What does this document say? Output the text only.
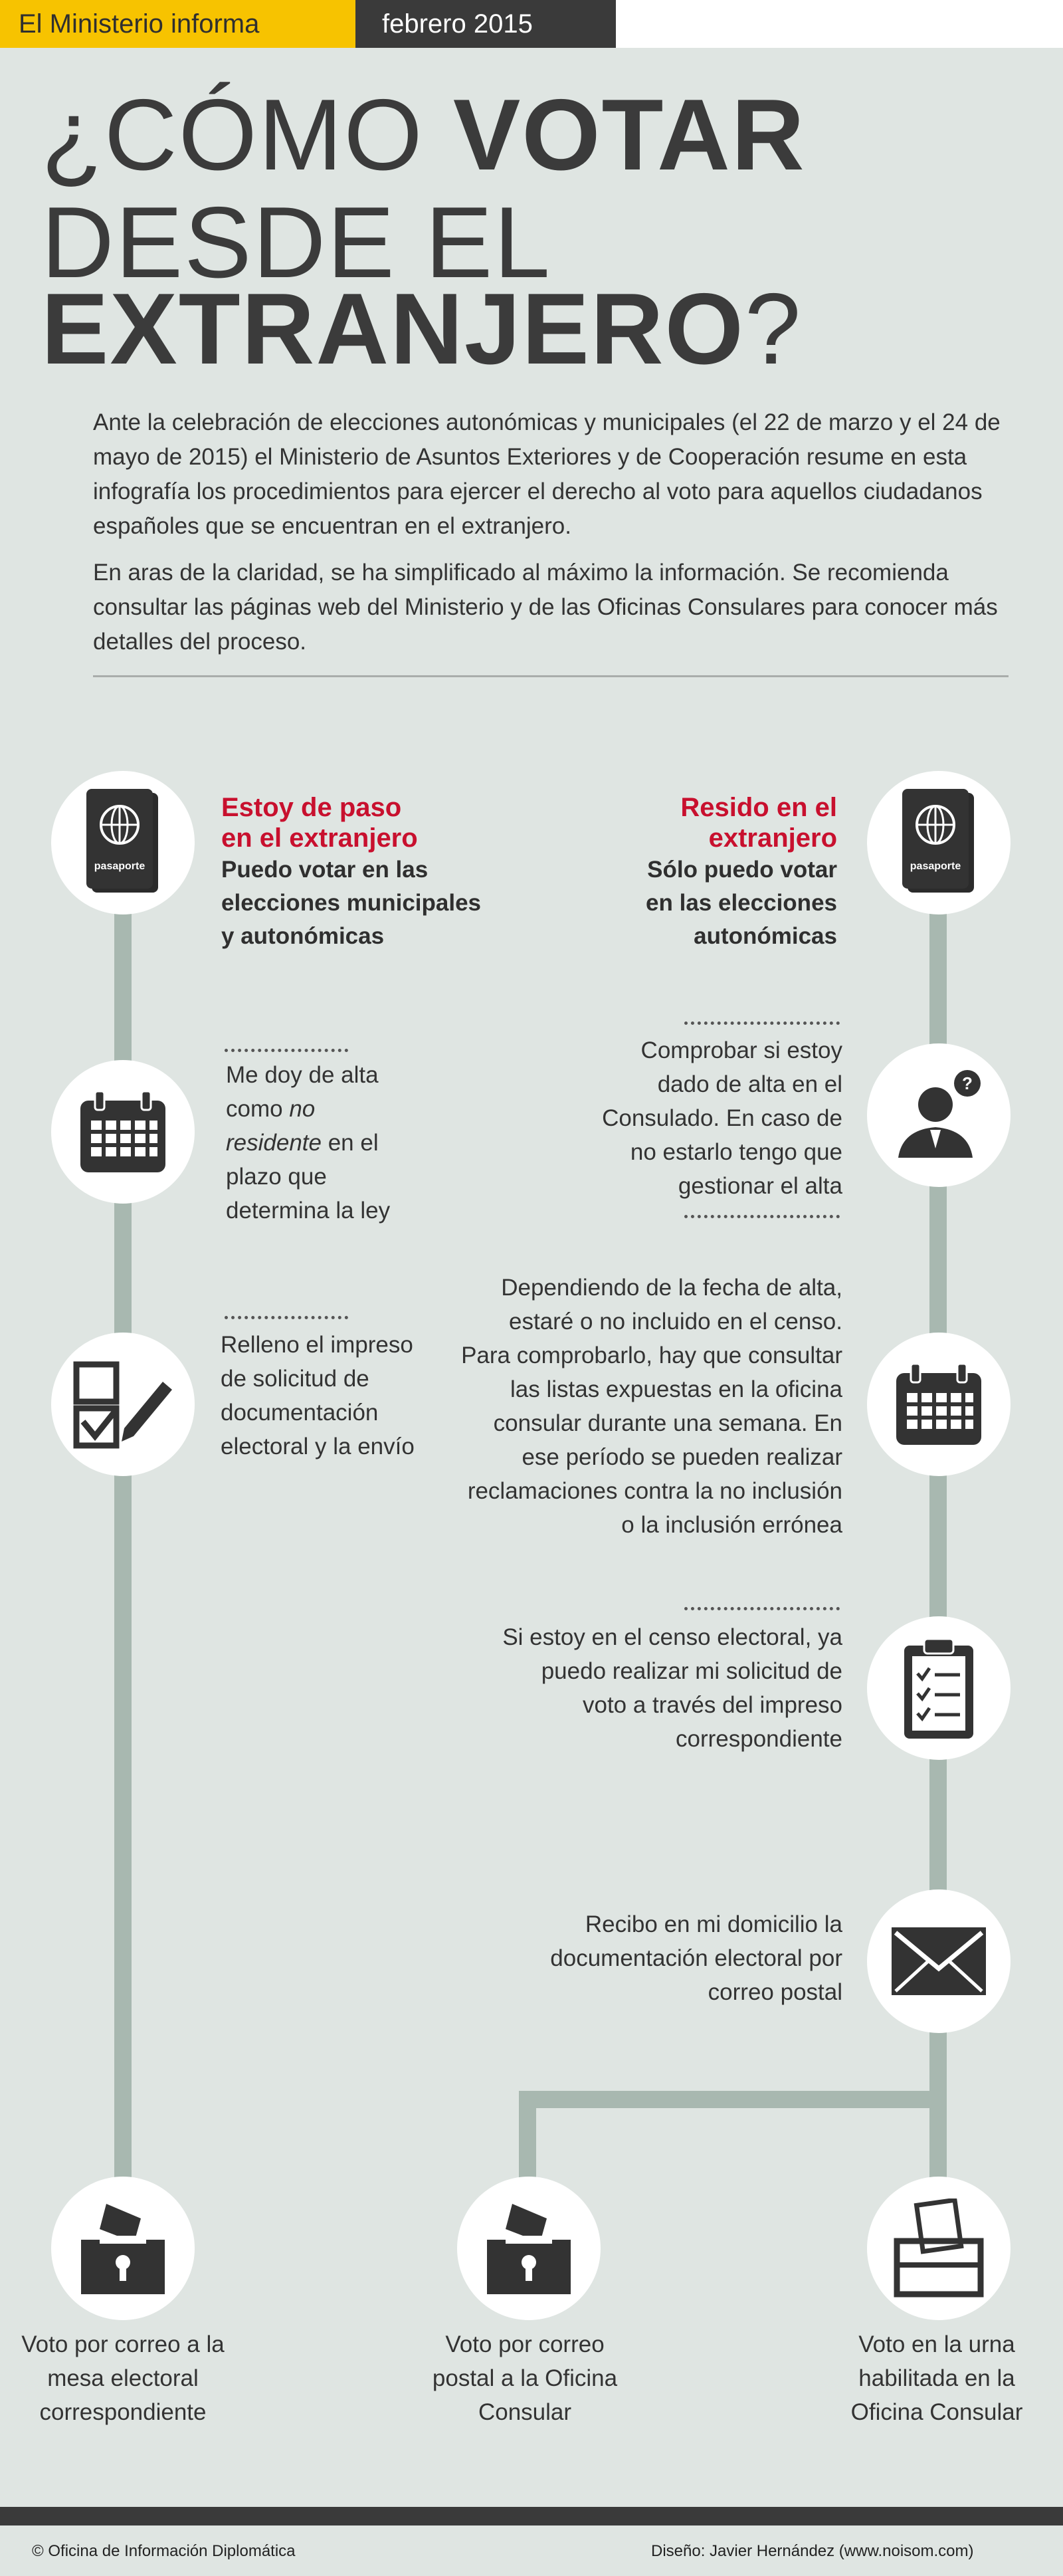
El Ministerio informa	febrero 2015
¿CÓMO VOTAR
DESDE EL
EXTRANJERO?

Ante la celebración de elecciones autonómicas y municipales (el 22 de marzo y el 24 de mayo de 2015) el Ministerio de Asuntos Exteriores y de Cooperación resume en esta infografía los procedimientos para ejercer el derecho al voto para aquellos ciudadanos españoles que se encuentran en el extranjero.

En aras de la claridad, se ha simplificado al máximo la información. Se recomienda consultar las páginas web del Ministerio y de las Oficinas Consulares para conocer más detalles del proceso.

pasaporte	pasaporte
?

Estoy de paso

en el extranjero

Puedo votar en las

elecciones municipales

y autonómicas

Me doy de alta como no residente en el plazo que determina la ley

Relleno el impreso de solicitud de documentación electoral y la envío

Resido en el

extranjero

Sólo puedo votar

en las elecciones

autonómicas

Comprobar si estoy dado de alta en el Consulado. En caso de no estarlo tengo que gestionar el alta

Dependiendo de la fecha de alta, estaré o no incluido en el censo. Para comprobarlo, hay que consultar las listas expuestas en la oficina consular durante una semana. En ese período se pueden realizar reclamaciones contra la no inclusión o la inclusión errónea

Si estoy en el censo electoral, ya puedo realizar mi solicitud de voto a través del impreso correspondiente

Recibo en mi domicilio la documentación electoral por correo postal

Voto por correo a la mesa electoral correspondiente

Voto por correo postal a la Oficina Consular

Voto en la urna habilitada en la Oficina Consular

© Oficina de Información Diplomática	Diseño: Javier Hernández (www.noisom.com)
